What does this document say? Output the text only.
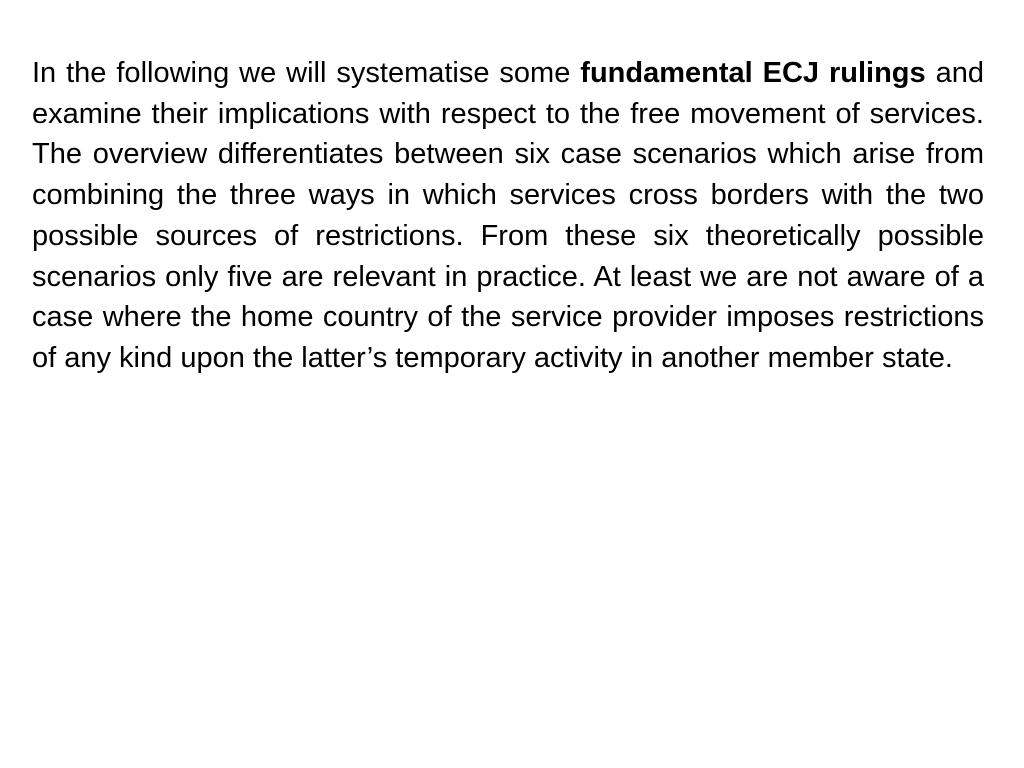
In the following we will systematise some fundamental ECJ rulings and examine their implications with respect to the free movement of services. The overview differentiates between six case scenarios which arise from combining the three ways in which services cross borders with the two possible sources of restrictions. From these six theoretically possible scenarios only five are relevant in practice. At least we are not aware of a case where the home country of the service provider imposes restrictions of any kind upon the latter’s temporary activity in another member state.
